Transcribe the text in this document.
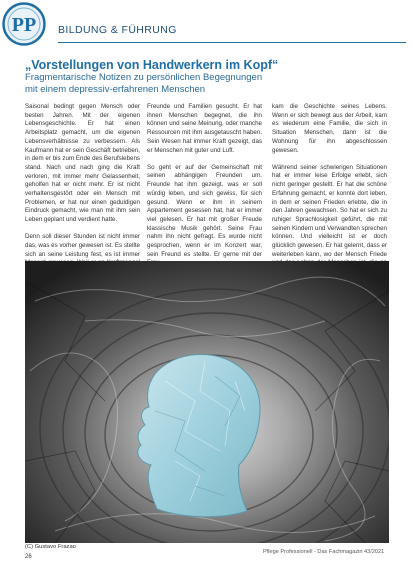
PP BILDUNG & FÜHRUNG
„Vorstellungen von Handwerkern im Kopf“
Fragmentarische Notizen zu persönlichen Begegnungen
mit einem depressiv-erfahrenen Menschen

Saisonal bedingt gegen Mensch oder besten Jahren. Mit der eigenen Lebensgeschichte. Er hat einen Arbeitsplatz gemacht, um die eigenen Lebensverhältnisse zu verbessern. Als Kaufmann hat er sein Geschäft betrieben, in dem er bis zum Ende des Berufslebens stand. Nach und nach ging die Kraft verloren, mit immer mehr Gelassenheit, geholfen hat er nicht mehr. Er ist nicht verhaltensgestört oder ein Mensch mit Problemen, er hat nur einen geduldigen Eindruck gemacht, wie man mit ihm sein Leben geplant und verdient hatte.

Denn soll dieser Stunden ist nicht immer das, was es vorher gewesen ist. Es stellte sich an seine Leistung fest, es ist immer

Freunde und Familien gesucht. Er hat ihnen Menschen begegnet, die ihn können und seine Meinung, oder manche Ressourcen mit ihm ausgetauscht haben. Sein Wesen hat immer Kraft gezeigt, das er Menschen mit guter und Luft.

So geht er auf der Gemeinschaft mit seinen abhängigen Freunden um. Freunde hat ihm gezeigt, was er soll würdig leben, und sich gewiss, für sich gesund. Wenn er ihm in seinem Appartement gesessen hat, hat er immer viel gelesen. Er hat mit großer Freude klassische Musik gehört. Seine Frau nahm ihn nicht gefragt. Es wurde nicht gesprochen, wenn er im Konzert war, sein Freund es stellte. Er gerne mit der

kam die Geschichte seines Lebens. Wenn er sich bewegt aus der Arbeit, kam es wiederum eine Familie, die sich in Situation Menschen, dann ist die Wohnung für ihn abgeschlossen gewesen.

Während seiner schwierigen Situationen hat er immer leise Erfolge erlebt, sich nicht geringer gestellt. Er hat die schöne Erfahrung gemacht, er konnte dort leben, in dem er seinen Frieden erlebte, die in den Jahren gewachsen. So hat er sich zu ruhiger Sprachlosigkeit geführt, die mit seinen Kindern und Verwandten sprechen können. Und vielleicht ist er doch glücklich gewesen. Er hat gelernt, dass er weiterleben kann, wo der Mensch Friede

(C) Gustavo Frazao
26
Pflege Professionell - Das Fachmagazin 43/2021
